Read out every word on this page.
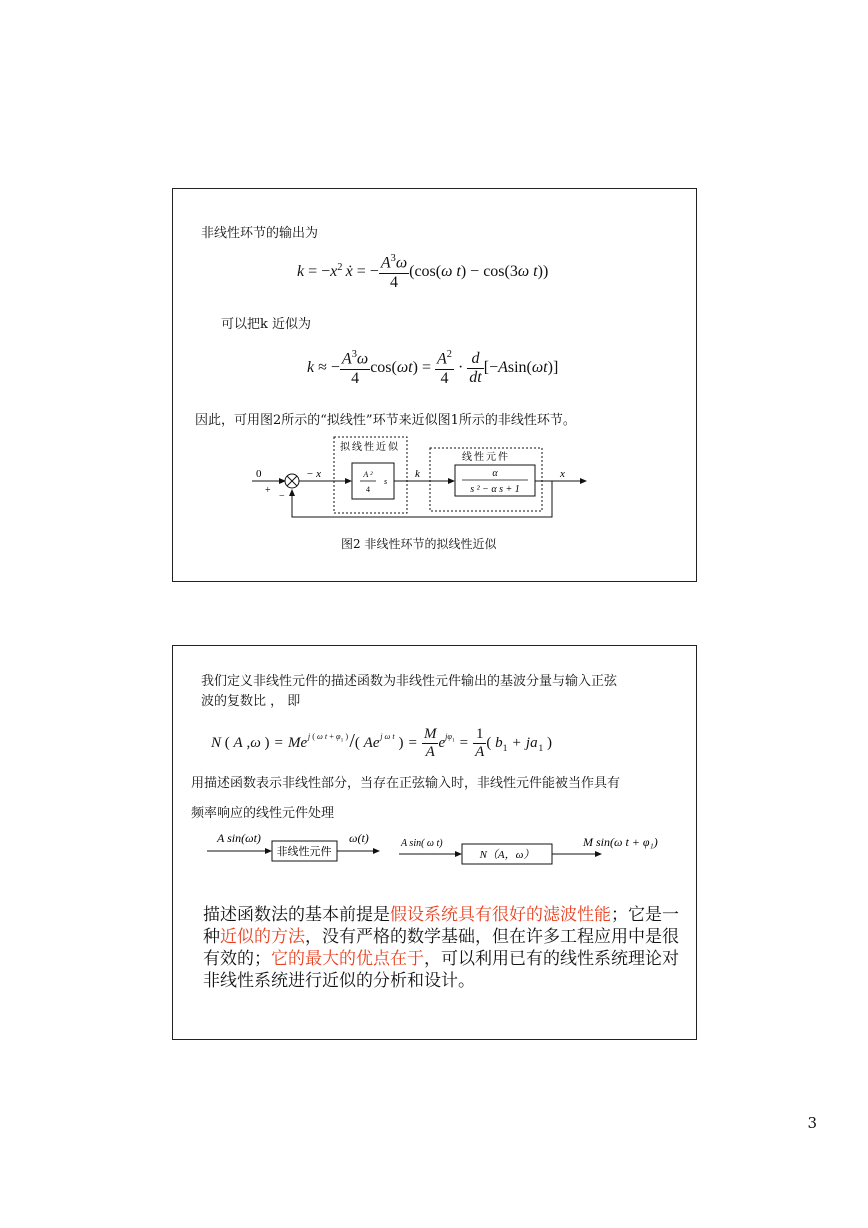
非线性环节的输出为
$k = -x^2$  ẋ = − $\frac{A^3\omega}{4} (\cos(\omega$ t) − cos(3ω t))
可以把k 近似为
k ≈ − $\frac{A^3\omega}{4} \cos(\omega t) = \frac{A^2}{4} \cdot \frac{d}{dt} [-Asin(\omega t)]$
因此，可用图2所示的“拟线性”环节来近似图1所示的非线性环节。
拟线性近似
线性元件
0
+
−
− x	A ²
4
s
k	α
s ² − α s + 1
x
图2 非线性环节的拟线性近似
我们定义非线性元件的描述函数为非线性元件输出的基波分量与输入正弦
波的复数比 ， 即
N ( A ,ω )  =  Me $^{j ( \omega t + \varphi_1 )}$ /( Ae $^{j \omega t}$ )  =   $\frac{M}{A} e^{j\varphi_1}$  =   $\frac{1}{A}$ ( $b_1$  +  ja $_1$ )
用描述函数表示非线性部分，当存在正弦输入时，非线性元件能被当作具有
频率响应的线性元件处理
A sin(ωt)
非线性元件
ω(t)	A sin( ω t)
N（A，ω）
M sin(ω t + φ₁)
描述函数法的基本前提是假设系统具有很好的滤波性能；它是一种近似的方法，没有严格的数学基础，但在许多工程应用中是很有效的；它的最大的优点在于，可以利用已有的线性系统理论对非线性系统进行近似的分析和设计。
3
